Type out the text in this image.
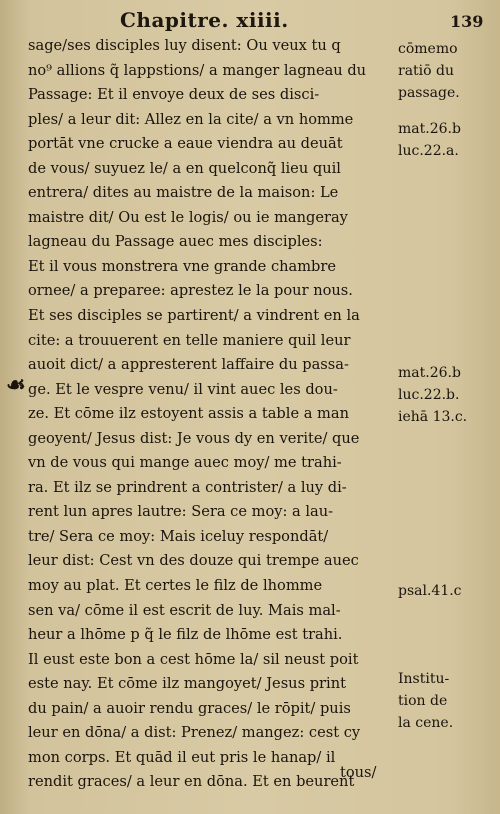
Chapitre. xiiii.	139
☙
sage/ses disciples luy disent: Ou veux tu q
no⁹ allions q̃ lappstions/ a manger lagneau du
Passage: Et il envoye deux de ses disci-
ples/ a leur dit: Allez en la cite/ a vn homme
portāt vne crucke a eaue viendra au deuāt
de vous/ suyuez le/ a en quelconq̃ lieu quil
entrera/ dites au maistre de la maison: Le
maistre dit/ Ou est le logis/ ou ie mangeray
lagneau du Passage auec mes disciples:
Et il vous monstrera vne grande chambre
ornee/ a preparee: aprestez le la pour nous.
Et ses disciples se partirent/ a vindrent en la
cite: a trouuerent en telle maniere quil leur
auoit dict/ a appresterent laffaire du passa-
ge. Et le vespre venu/ il vint auec les dou-
ze. Et cōme ilz estoyent assis a table a man
geoyent/ Jesus dist: Je vous dy en verite/ que
vn de vous qui mange auec moy/ me trahi-
ra. Et ilz se prindrent a contrister/ a luy di-
rent lun apres lautre: Sera ce moy: a lau-
tre/ Sera ce moy: Mais iceluy respondāt/
leur dist: Cest vn des douze qui trempe auec
moy au plat. Et certes le filz de lhomme
sen va/ cōme il est escrit de luy. Mais mal-
heur a lhōme p q̃ le filz de lhōme est trahi.
Il eust este bon a cest hōme la/ sil neust poit
este nay. Et cōme ilz mangoyet/ Jesus print
du pain/ a auoir rendu graces/ le rōpit/ puis
leur en dōna/ a dist: Prenez/ mangez: cest cy
mon corps. Et quād il eut pris le hanap/ il
rendit graces/ a leur en dōna. Et en beurent
cōmemo
ratiō du
passage.
mat.26.b
luc.22.a.
mat.26.b
luc.22.b.
iehā 13.c.
psal.41.c
Institu-
tion de
la cene.
tous/
